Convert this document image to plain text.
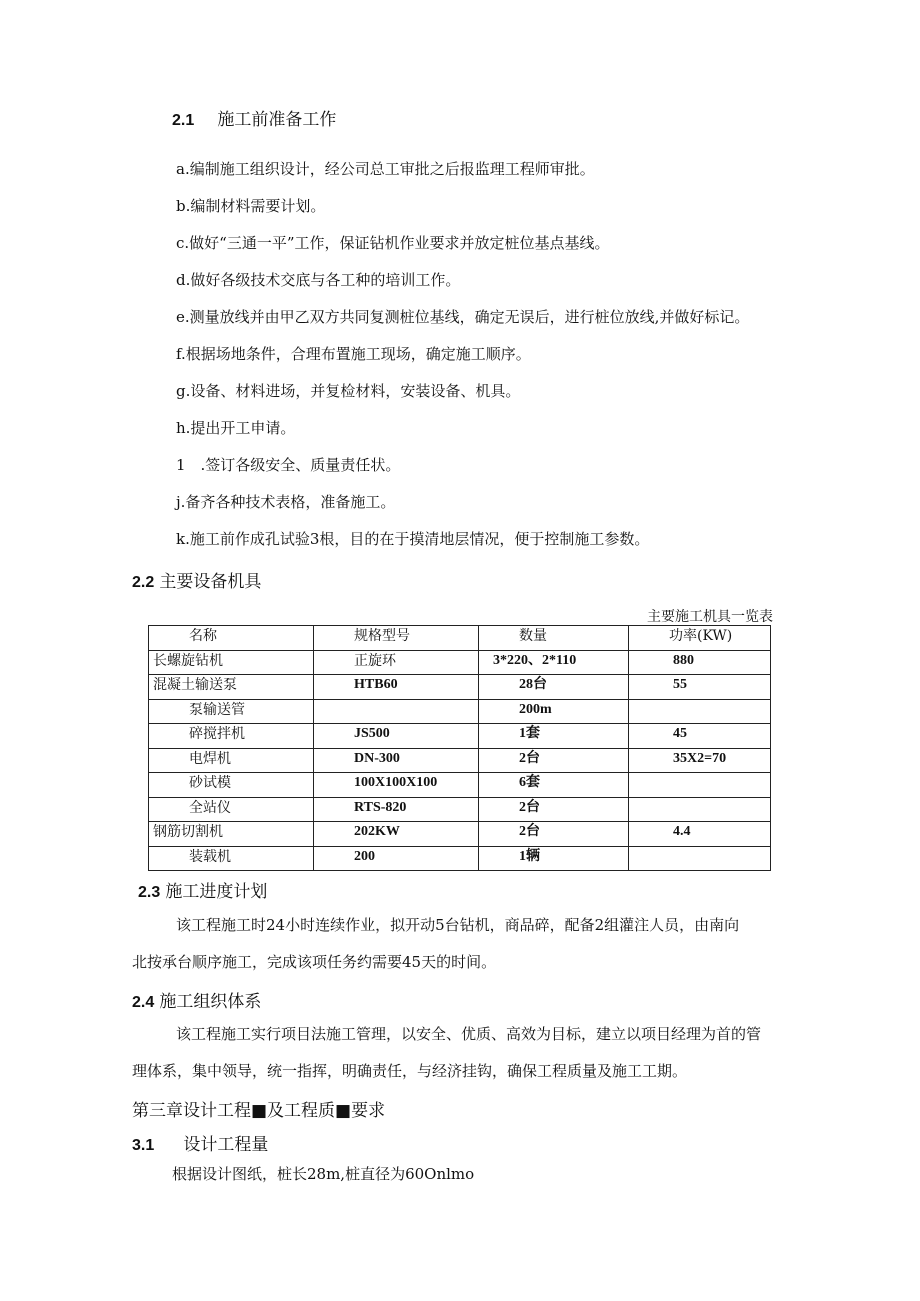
2.1 施工前准备工作
a.编制施工组织设计，经公司总工审批之后报监理工程师审批。
b.编制材料需要计划。
c.做好“三通一平”工作，保证钻机作业要求并放定桩位基点基线。
d.做好各级技术交底与各工种的培训工作。
e.测量放线并由甲乙双方共同复测桩位基线，确定无误后，进行桩位放线,并做好标记。
f.根据场地条件，合理布置施工现场，确定施工顺序。
g.设备、材料进场，并复检材料，安装设备、机具。
h.提出开工申请。
1　.签订各级安全、质量责任状。
j.备齐各种技术表格，准备施工。
k.施工前作成孔试验3根，目的在于摸清地层情况，便于控制施工参数。
2.2 主要设备机具
主要施工机具一览表
名称	规格型号	数量	功率(KW)
长螺旋钻机	正旋环	3*220、2*110	880
混凝土输送泵	HTB60	28台	55
泵输送管		200m	
碎搅拌机	JS500	1套	45
电焊机	DN-300	2台	35X2=70
砂试模	100X100X100	6套	
全站仪	RTS-820	2台	
钢筋切割机	202KW	2台	4.4
装载机	200	1辆	
2.3 施工进度计划
该工程施工时24小时连续作业，拟开动5台钻机，商品碎，配备2组灌注人员，由南向
北按承台顺序施工，完成该项任务约需要45天的时间。
2.4 施工组织体系
该工程施工实行项目法施工管理，以安全、优质、高效为目标，建立以项目经理为首的管
理体系，集中领导，统一指挥，明确责任，与经济挂钩，确保工程质量及施工工期。
第三章设计工程■及工程质■要求
3.1 设计工程量
根据设计图纸，桩长28m,桩直径为60Onlmo
